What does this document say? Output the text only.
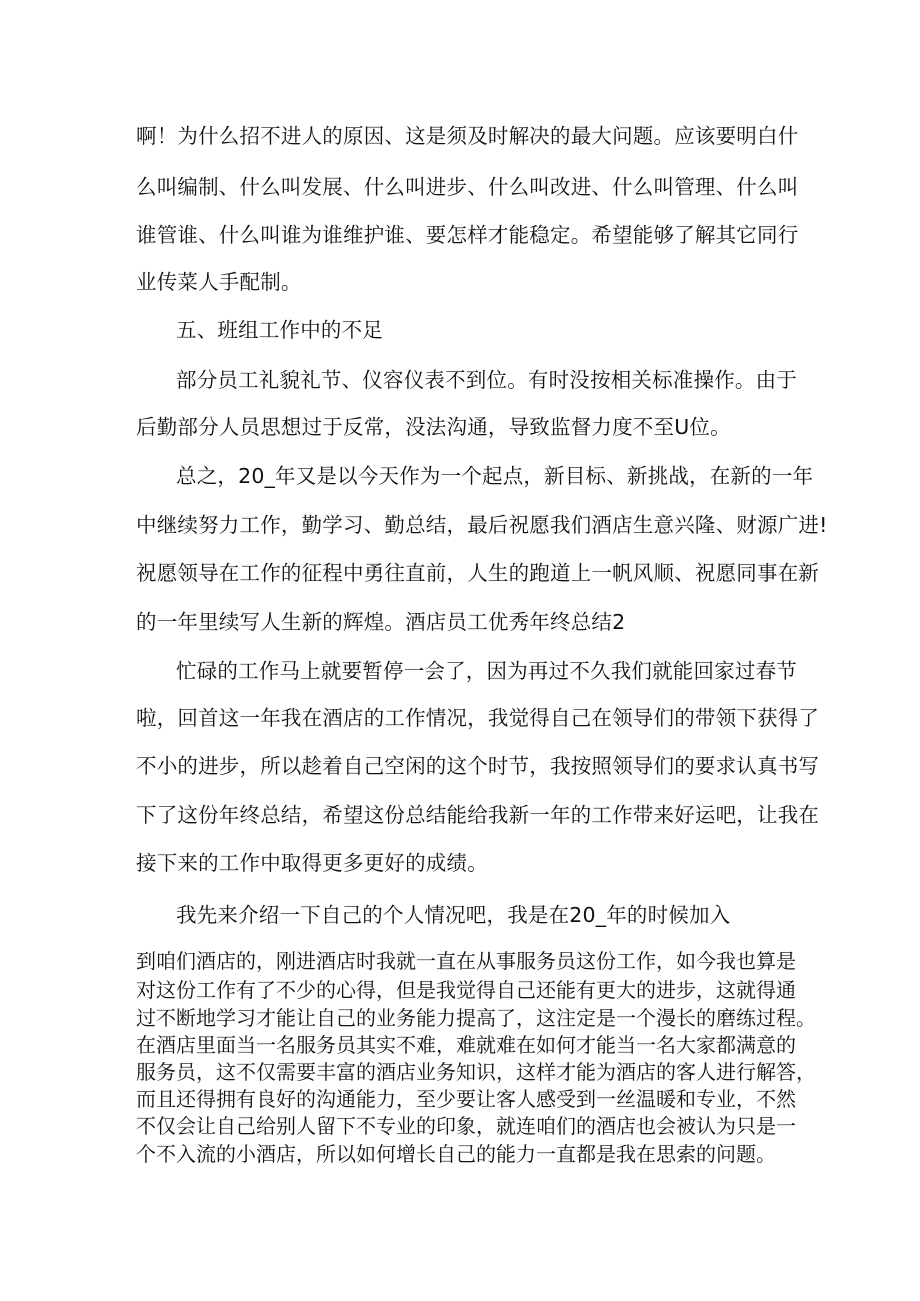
啊！为什么招不进人的原因、这是须及时解决的最大问题。应该要明白什
么叫编制、什么叫发展、什么叫进步、什么叫改进、什么叫管理、什么叫
谁管谁、什么叫谁为谁维护谁、要怎样才能稳定。希望能够了解其它同行
业传菜人手配制。
五、班组工作中的不足
部分员工礼貌礼节、仪容仪表不到位。有时没按相关标准操作。由于
后勤部分人员思想过于反常，没法沟通，导致监督力度不至U位。
总之，20_年又是以今天作为一个起点，新目标、新挑战，在新的一年
中继续努力工作，勤学习、勤总结，最后祝愿我们酒店生意兴隆、财源广进!
祝愿领导在工作的征程中勇往直前，人生的跑道上一帆风顺、祝愿同事在新
的一年里续写人生新的辉煌。酒店员工优秀年终总结2
忙碌的工作马上就要暂停一会了，因为再过不久我们就能回家过春节
啦，回首这一年我在酒店的工作情况，我觉得自己在领导们的带领下获得了
不小的进步，所以趁着自己空闲的这个时节，我按照领导们的要求认真书写
下了这份年终总结，希望这份总结能给我新一年的工作带来好运吧，让我在
接下来的工作中取得更多更好的成绩。
我先来介绍一下自己的个人情况吧，我是在20_年的时候加入
到咱们酒店的，刚进酒店时我就一直在从事服务员这份工作，如今我也算是
对这份工作有了不少的心得，但是我觉得自己还能有更大的进步，这就得通
过不断地学习才能让自己的业务能力提高了，这注定是一个漫长的磨练过程。
在酒店里面当一名服务员其实不难，难就难在如何才能当一名大家都满意的
服务员，这不仅需要丰富的酒店业务知识，这样才能为酒店的客人进行解答，
而且还得拥有良好的沟通能力，至少要让客人感受到一丝温暖和专业，不然
不仅会让自己给别人留下不专业的印象，就连咱们的酒店也会被认为只是一
个不入流的小酒店，所以如何增长自己的能力一直都是我在思索的问题。
